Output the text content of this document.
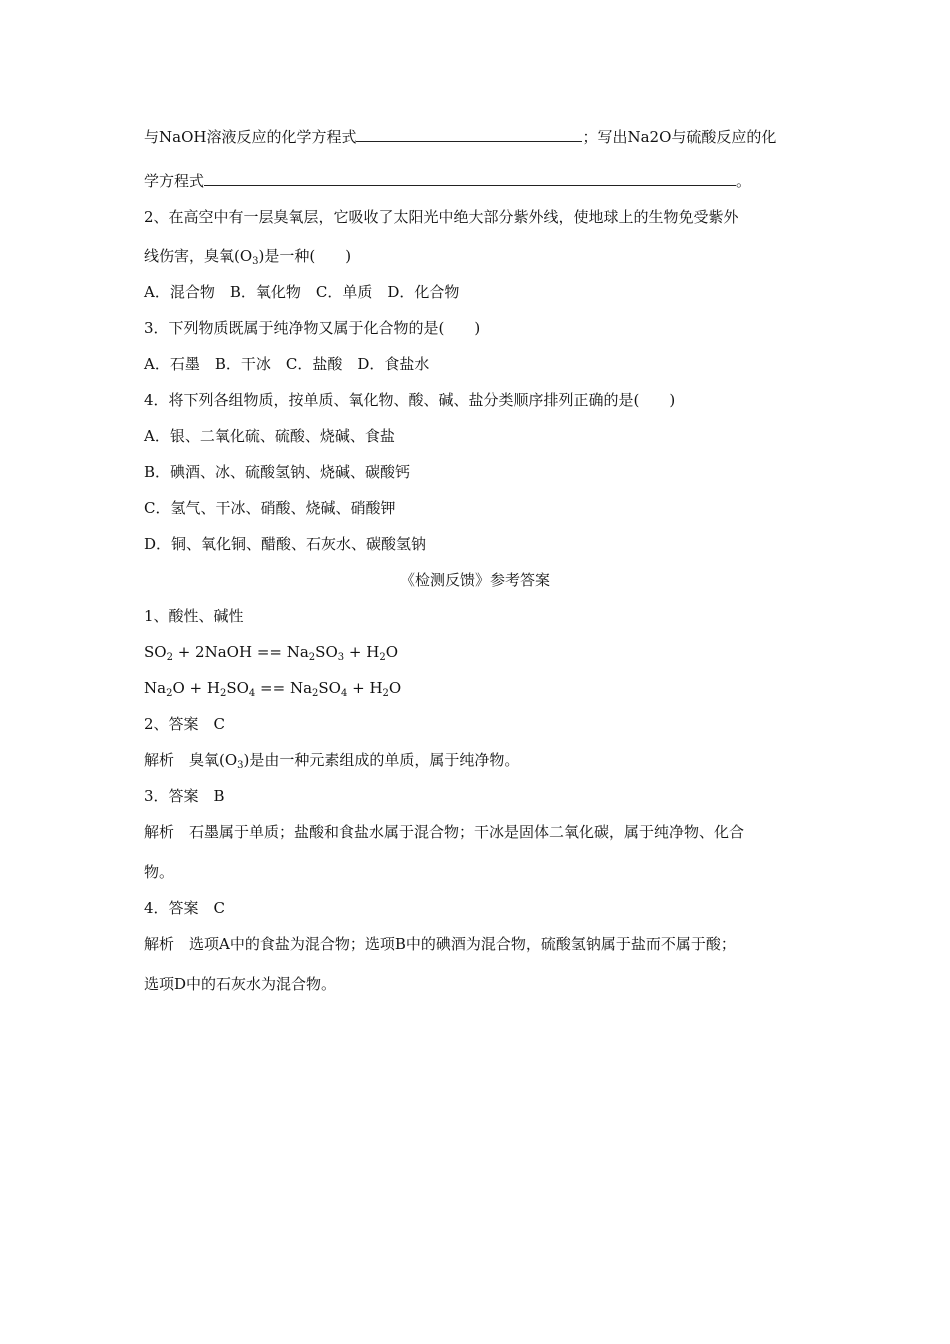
与NaOH溶液反应的化学方程式	；写出Na2O与硫酸反应的化
学方程式	。
2、在高空中有一层臭氧层，它吸收了太阳光中绝大部分紫外线，使地球上的生物免受紫外
线伤害，臭氧$(O_3)$是一种(　　)
A．混合物　B．氧化物　C．单质　D．化合物
3．下列物质既属于纯净物又属于化合物的是(　　)
A．石墨　B．干冰　C．盐酸　D．食盐水
4．将下列各组物质，按单质、氧化物、酸、碱、盐分类顺序排列正确的是(　　)
A．银、二氧化硫、硫酸、烧碱、食盐
B．碘酒、冰、硫酸氢钠、烧碱、碳酸钙
C．氢气、干冰、硝酸、烧碱、硝酸钾
D．铜、氧化铜、醋酸、石灰水、碳酸氢钠
《检测反馈》参考答案
1、酸性、碱性
$SO_2$ + 2NaOH == $Na_2SO_3 + H_2O$
$Na_2O + H_2SO_4 == Na_2SO_4 + H_2O$
2、答案　C
解析　臭氧$(O_3)$是由一种元素组成的单质，属于纯净物。
3．答案　B
解析　石墨属于单质；盐酸和食盐水属于混合物；干冰是固体二氧化碳，属于纯净物、化合
物。
4．答案　C
解析　选项A中的食盐为混合物；选项B中的碘酒为混合物，硫酸氢钠属于盐而不属于酸；
选项D中的石灰水为混合物。
